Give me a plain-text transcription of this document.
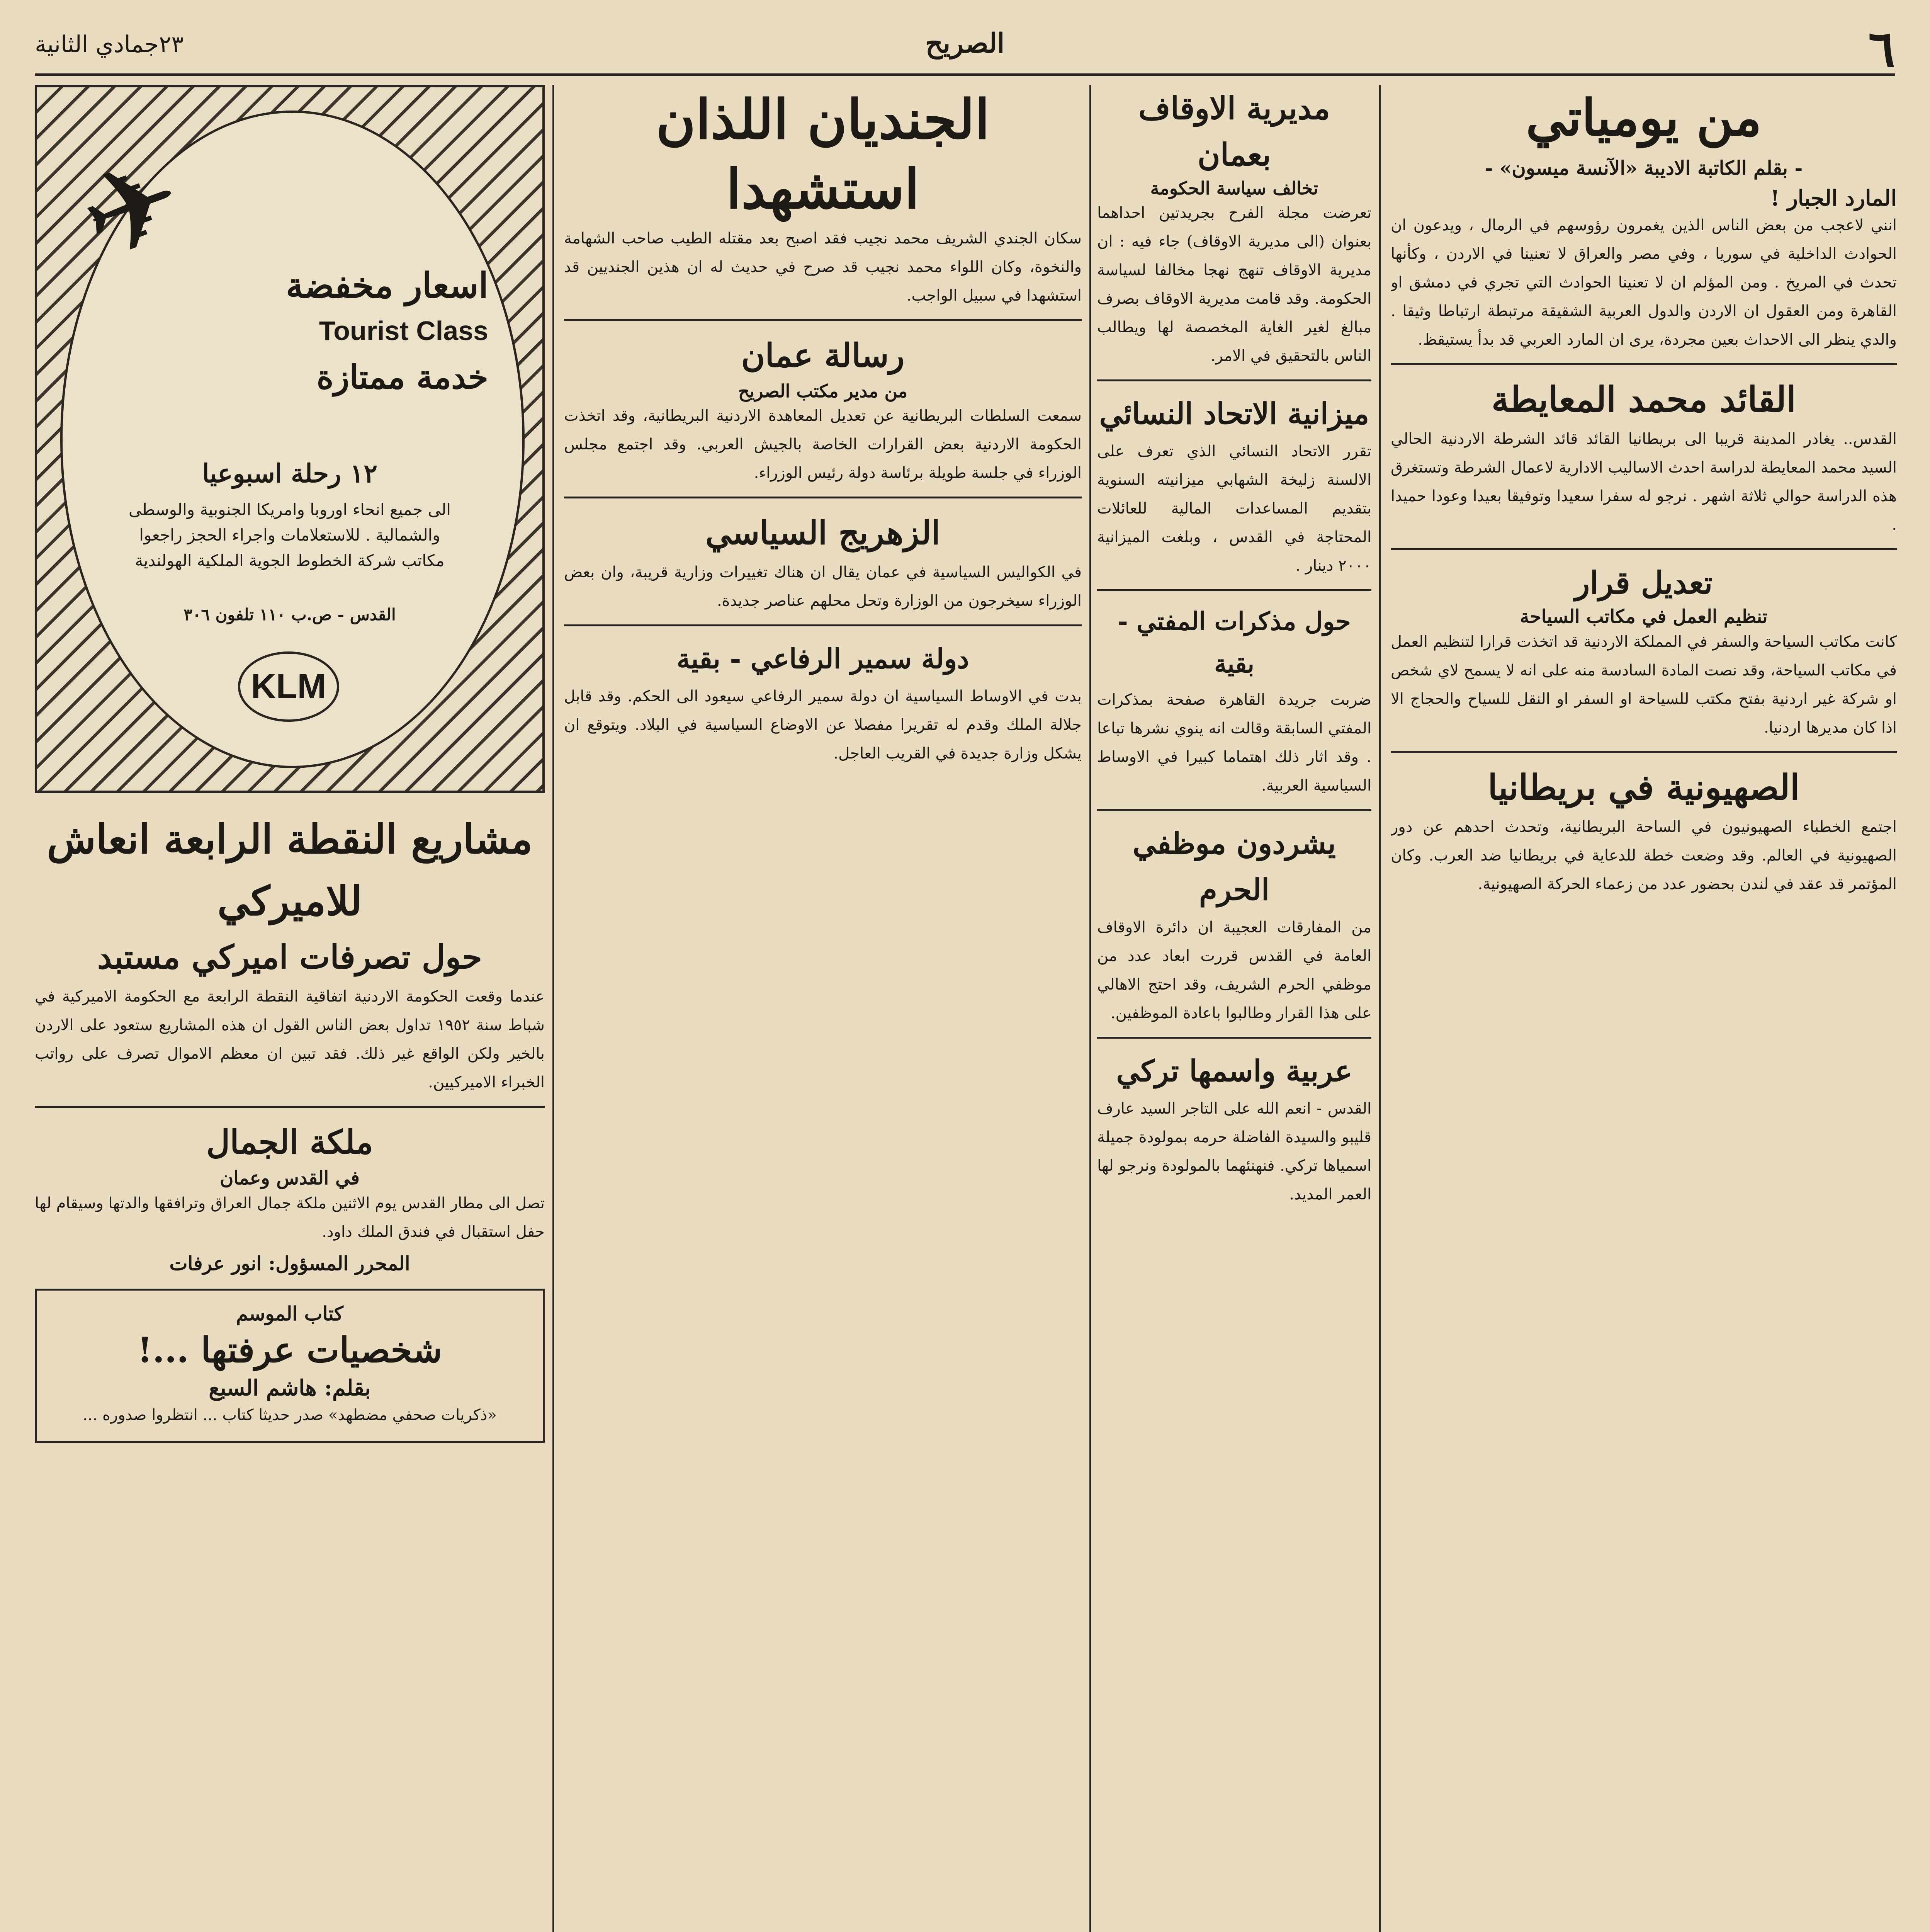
٦
الصريح
٢٣جمادي الثانية
من يومياتي
- بقلم الكاتبة الاديبة «الآنسة ميسون» -
المارد الجبار !
انني لاعجب من بعض الناس الذين يغمرون رؤوسهم في الرمال ، ويدعون ان الحوادث الداخلية في سوريا ، وفي مصر والعراق لا تعنينا في الاردن ، وكأنها تحدث في المريخ . ومن المؤلم ان لا تعنينا الحوادث التي تجري في دمشق او القاهرة ومن العقول ان الاردن والدول العربية الشقيقة مرتبطة ارتباطا وثيقا . والدي ينظر الى الاحداث بعين مجردة، يرى ان المارد العربي قد بدأ يستيقظ.
القائد محمد المعايطة
القدس.. يغادر المدينة قريبا الى بريطانيا القائد قائد الشرطة الاردنية الحالي السيد محمد المعايطة لدراسة احدث الاساليب الادارية لاعمال الشرطة وتستغرق هذه الدراسة حوالي ثلاثة اشهر . نرجو له سفرا سعيدا وتوفيقا بعيدا وعودا حميدا .
تعديل قرار
تنظيم العمل في مكاتب السياحة
كانت مكاتب السياحة والسفر في المملكة الاردنية قد اتخذت قرارا لتنظيم العمل في مكاتب السياحة، وقد نصت المادة السادسة منه على انه لا يسمح لاي شخص او شركة غير اردنية بفتح مكتب للسياحة او السفر او النقل للسياح والحجاج الا اذا كان مديرها اردنيا.
الصهيونية في بريطانيا
اجتمع الخطباء الصهيونيون في الساحة البريطانية، وتحدث احدهم عن دور الصهيونية في العالم. وقد وضعت خطة للدعاية في بريطانيا ضد العرب. وكان المؤتمر قد عقد في لندن بحضور عدد من زعماء الحركة الصهيونية.
مديرية الاوقاف بعمان
تخالف سياسة الحكومة
تعرضت مجلة الفرح بجريدتين احداهما بعنوان (الى مديرية الاوقاف) جاء فيه : ان مديرية الاوقاف تنهج نهجا مخالفا لسياسة الحكومة. وقد قامت مديرية الاوقاف بصرف مبالغ لغير الغاية المخصصة لها ويطالب الناس بالتحقيق في الامر.
ميزانية الاتحاد النسائي
تقرر الاتحاد النسائي الذي تعرف على الالسنة زليخة الشهابي ميزانيته السنوية بتقديم المساعدات المالية للعائلات المحتاجة في القدس ، وبلغت الميزانية ٢٠٠٠ دينار .
حول مذكرات المفتي - بقية
ضربت جريدة القاهرة صفحة بمذكرات المفتي السابقة وقالت انه ينوي نشرها تباعا . وقد اثار ذلك اهتماما كبيرا في الاوساط السياسية العربية.
يشردون موظفي الحرم
من المفارقات العجيبة ان دائرة الاوقاف العامة في القدس قررت ابعاد عدد من موظفي الحرم الشريف، وقد احتج الاهالي على هذا القرار وطالبوا باعادة الموظفين.
عربية واسمها تركي
القدس - انعم الله على التاجر السيد عارف قليبو والسيدة الفاضلة حرمه بمولودة جميلة اسمياها تركي. فنهنئهما بالمولودة ونرجو لها العمر المديد.
الجنديان اللذان استشهدا
سكان الجندي الشريف محمد نجيب فقد اصبح بعد مقتله الطيب صاحب الشهامة والنخوة، وكان اللواء محمد نجيب قد صرح في حديث له ان هذين الجنديين قد استشهدا في سبيل الواجب.
رسالة عمان
من مدير مكتب الصريح
سمعت السلطات البريطانية عن تعديل المعاهدة الاردنية البريطانية، وقد اتخذت الحكومة الاردنية بعض القرارات الخاصة بالجيش العربي. وقد اجتمع مجلس الوزراء في جلسة طويلة برئاسة دولة رئيس الوزراء.
الزهريج السياسي
في الكواليس السياسية في عمان يقال ان هناك تغييرات وزارية قريبة، وان بعض الوزراء سيخرجون من الوزارة وتحل محلهم عناصر جديدة.
دولة سمير الرفاعي - بقية
بدت في الاوساط السياسية ان دولة سمير الرفاعي سيعود الى الحكم. وقد قابل جلالة الملك وقدم له تقريرا مفصلا عن الاوضاع السياسية في البلاد. ويتوقع ان يشكل وزارة جديدة في القريب العاجل.
✈ اسعار مخفضة
Tourist Class
خدمة ممتازة
١٢ رحلة اسبوعيا
الى جميع انحاء اوروبا وامريكا الجنوبية والوسطى والشمالية . للاستعلامات واجراء الحجز راجعوا مكاتب شركة الخطوط الجوية الملكية الهولندية
القدس - ص.ب ١١٠ تلفون ٣٠٦
KLM
مشاريع النقطة الرابعة انعاش للاميركي
حول تصرفات اميركي مستبد
عندما وقعت الحكومة الاردنية اتفاقية النقطة الرابعة مع الحكومة الاميركية في شباط سنة ١٩٥٢ تداول بعض الناس القول ان هذه المشاريع ستعود على الاردن بالخير ولكن الواقع غير ذلك. فقد تبين ان معظم الاموال تصرف على رواتب الخبراء الاميركيين.
ملكة الجمال
في القدس وعمان
تصل الى مطار القدس يوم الاثنين ملكة جمال العراق وترافقها والدتها وسيقام لها حفل استقبال في فندق الملك داود.
المحرر المسؤول: انور عرفات
كتاب الموسم
شخصيات عرفتها ...!
بقلم: هاشم السبع
«ذكريات صحفي مضطهد» صدر حديثا كتاب ... انتظروا صدوره ...
